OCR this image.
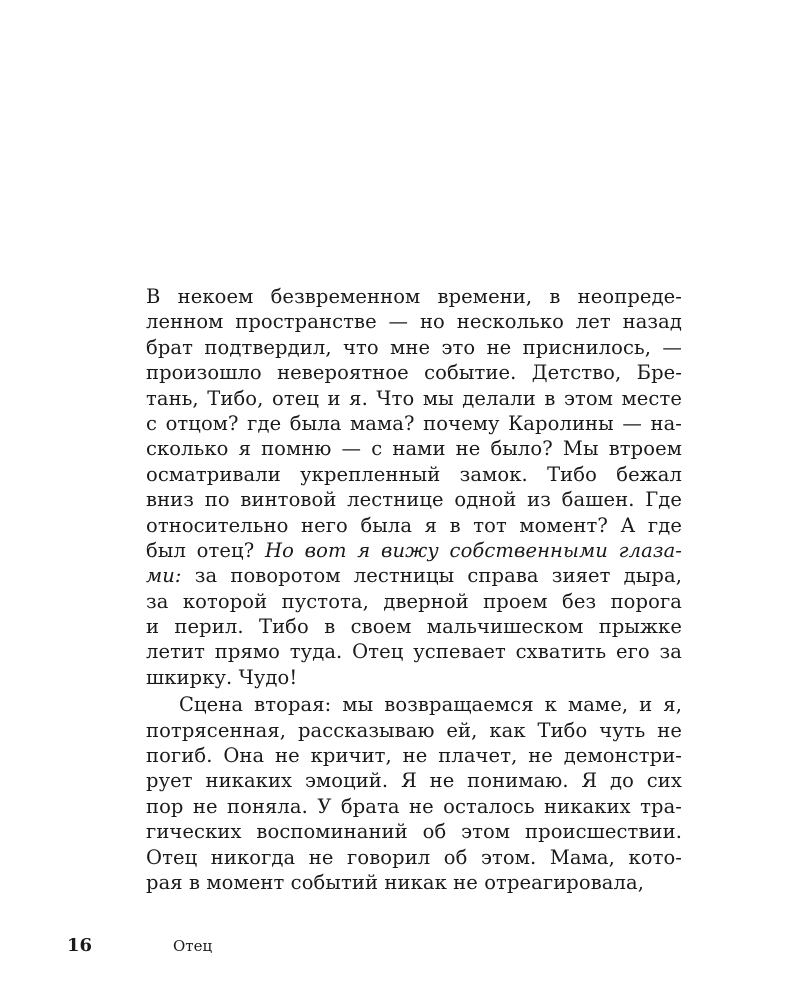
В некоем безвременном времени, в неопреде-
ленном пространстве — но несколько лет назад
брат подтвердил, что мне это не приснилось, —
произошло невероятное событие. Детство, Бре-
тань, Тибо, отец и я. Что мы делали в этом месте
с отцом? где была мама? почему Каролины — на-
сколько я помню — с нами не было? Мы втроем
осматривали укрепленный замок. Тибо бежал
вниз по винтовой лестнице одной из башен. Где
относительно него была я в тот момент? А где
был отец? Но вот я вижу собственными глаза-
ми: за поворотом лестницы справа зияет дыра,
за которой пустота, дверной проем без порога
и перил. Тибо в своем мальчишеском прыжке
летит прямо туда. Отец успевает схватить его за
шкирку. Чудо!
Сцена вторая: мы возвращаемся к маме, и я,
потрясенная, рассказываю ей, как Тибо чуть не
погиб. Она не кричит, не плачет, не демонстри-
рует никаких эмоций. Я не понимаю. Я до сих
пор не поняла. У брата не осталось никаких тра-
гических воспоминаний об этом происшествии.
Отец никогда не говорил об этом. Мама, кото-
рая в момент событий никак не отреагировала,
16	Отец
